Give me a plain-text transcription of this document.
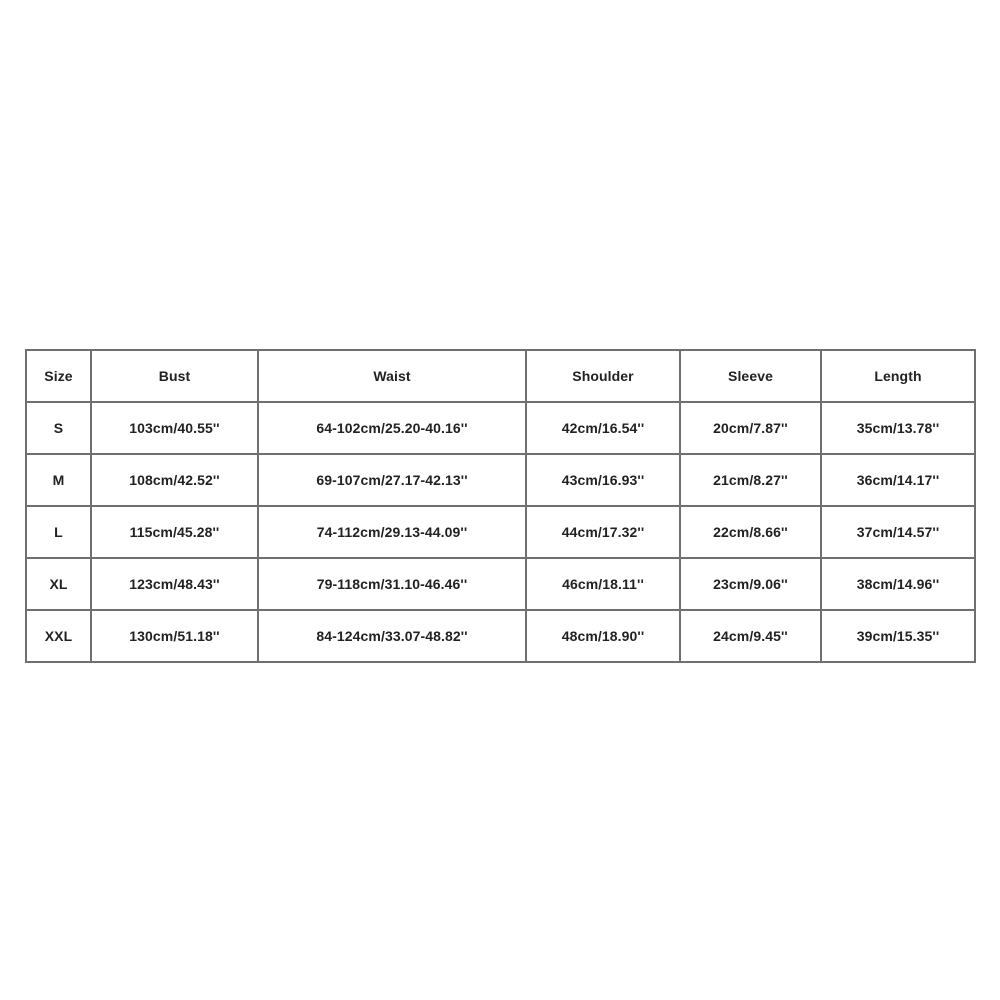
Size	Bust	Waist	Shoulder	Sleeve	Length
S	103cm/40.55''	64-102cm/25.20-40.16''	42cm/16.54''	20cm/7.87''	35cm/13.78''
M	108cm/42.52''	69-107cm/27.17-42.13''	43cm/16.93''	21cm/8.27''	36cm/14.17''
L	115cm/45.28''	74-112cm/29.13-44.09''	44cm/17.32''	22cm/8.66''	37cm/14.57''
XL	123cm/48.43''	79-118cm/31.10-46.46''	46cm/18.11''	23cm/9.06''	38cm/14.96''
XXL	130cm/51.18''	84-124cm/33.07-48.82''	48cm/18.90''	24cm/9.45''	39cm/15.35''
